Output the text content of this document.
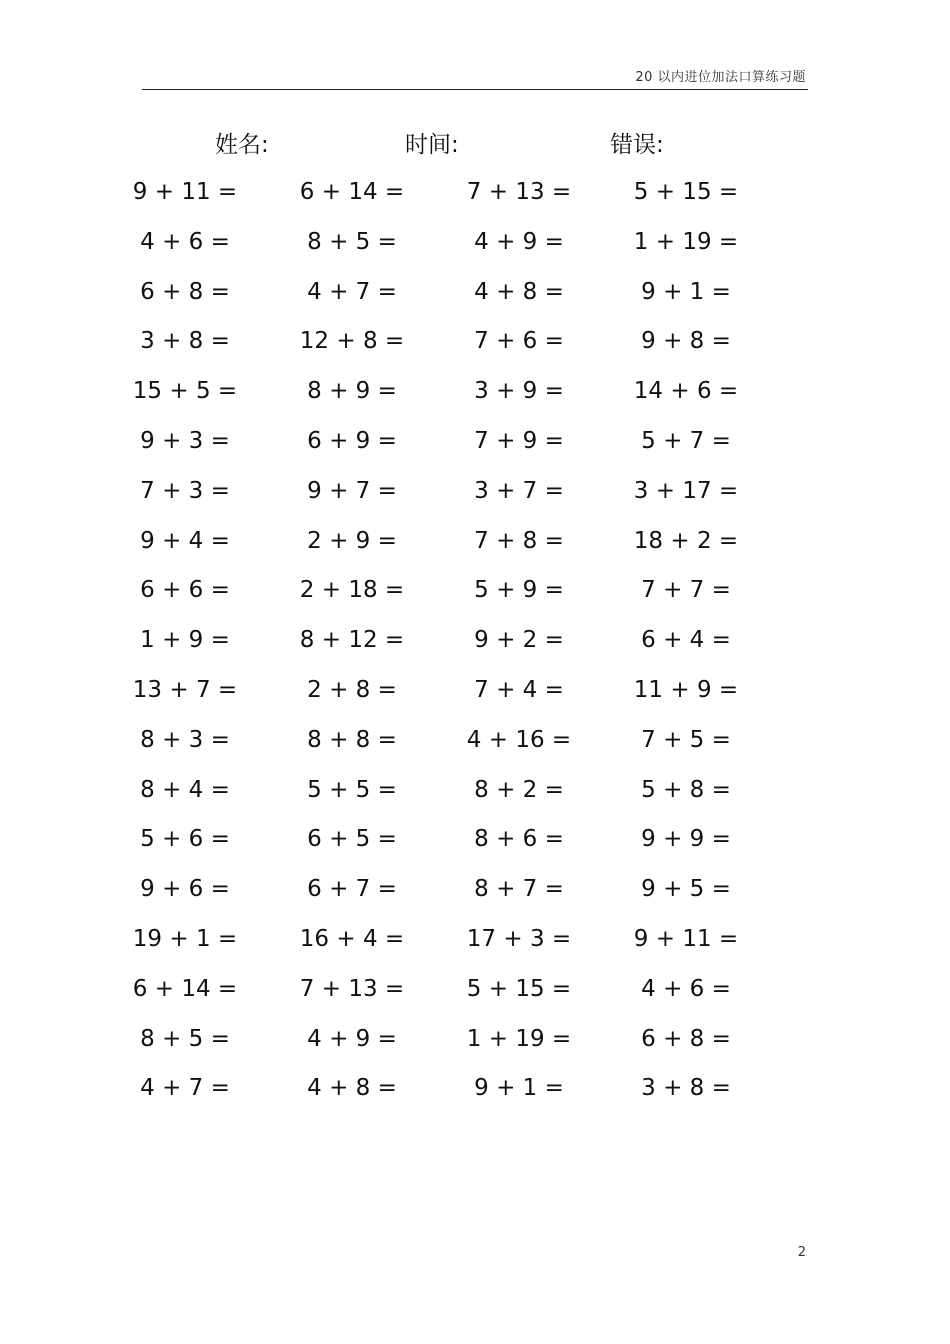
20 以内进位加法口算练习题
姓名:	时间:	错误:
9 + 11 =	6 + 14 =	7 + 13 =	5 + 15 =
4 + 6 =	8 + 5 =	4 + 9 =	1 + 19 =
6 + 8 =	4 + 7 =	4 + 8 =	9 + 1 =
3 + 8 =	12 + 8 =	7 + 6 =	9 + 8 =
15 + 5 =	8 + 9 =	3 + 9 =	14 + 6 =
9 + 3 =	6 + 9 =	7 + 9 =	5 + 7 =
7 + 3 =	9 + 7 =	3 + 7 =	3 + 17 =
9 + 4 =	2 + 9 =	7 + 8 =	18 + 2 =
6 + 6 =	2 + 18 =	5 + 9 =	7 + 7 =
1 + 9 =	8 + 12 =	9 + 2 =	6 + 4 =
13 + 7 =	2 + 8 =	7 + 4 =	11 + 9 =
8 + 3 =	8 + 8 =	4 + 16 =	7 + 5 =
8 + 4 =	5 + 5 =	8 + 2 =	5 + 8 =
5 + 6 =	6 + 5 =	8 + 6 =	9 + 9 =
9 + 6 =	6 + 7 =	8 + 7 =	9 + 5 =
19 + 1 =	16 + 4 =	17 + 3 =	9 + 11 =
6 + 14 =	7 + 13 =	5 + 15 =	4 + 6 =
8 + 5 =	4 + 9 =	1 + 19 =	6 + 8 =
4 + 7 =	4 + 8 =	9 + 1 =	3 + 8 =
2
